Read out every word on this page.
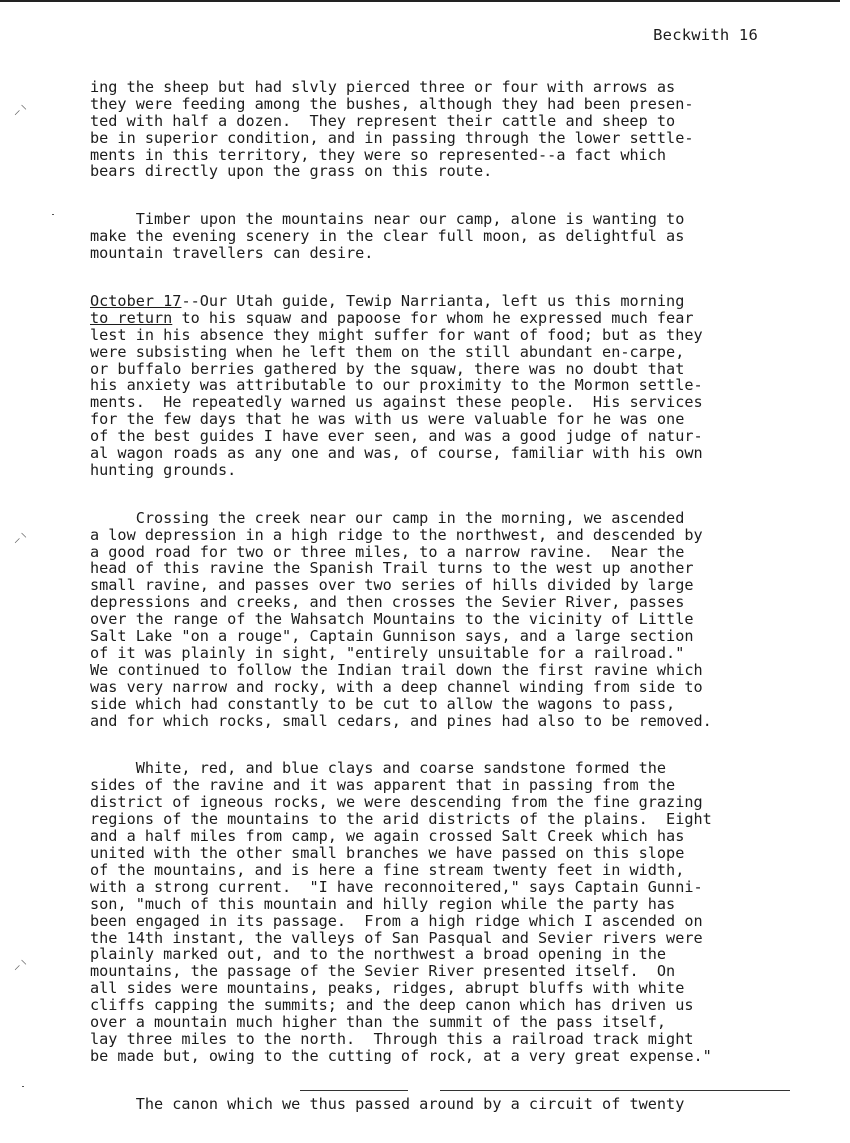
Beckwith 16

ing the sheep but had slvly pierced three or four with arrows as
they were feeding among the bushes, although they had been presen-
ted with half a dozen.  They represent their cattle and sheep to
be in superior condition, and in passing through the lower settle-
ments in this territory, they were so represented--a fact which
bears directly upon the grass on this route.

Timber upon the mountains near our camp, alone is wanting to
make the evening scenery in the clear full moon, as delightful as
mountain travellers can desire.

October 17--Our Utah guide, Tewip Narrianta, left us this morning
to return to his squaw and papoose for whom he expressed much fear
lest in his absence they might suffer for want of food; but as they
were subsisting when he left them on the still abundant en-carpe,
or buffalo berries gathered by the squaw, there was no doubt that
his anxiety was attributable to our proximity to the Mormon settle-
ments.  He repeatedly warned us against these people.  His services
for the few days that he was with us were valuable for he was one
of the best guides I have ever seen, and was a good judge of natur-
al wagon roads as any one and was, of course, familiar with his own
hunting grounds.

Crossing the creek near our camp in the morning, we ascended
a low depression in a high ridge to the northwest, and descended by
a good road for two or three miles, to a narrow ravine.  Near the
head of this ravine the Spanish Trail turns to the west up another
small ravine, and passes over two series of hills divided by large
depressions and creeks, and then crosses the Sevier River, passes
over the range of the Wahsatch Mountains to the vicinity of Little
Salt Lake "on a rouge", Captain Gunnison says, and a large section
of it was plainly in sight, "entirely unsuitable for a railroad."
We continued to follow the Indian trail down the first ravine which
was very narrow and rocky, with a deep channel winding from side to
side which had constantly to be cut to allow the wagons to pass,
and for which rocks, small cedars, and pines had also to be removed.

White, red, and blue clays and coarse sandstone formed the
sides of the ravine and it was apparent that in passing from the
district of igneous rocks, we were descending from the fine grazing
regions of the mountains to the arid districts of the plains.  Eight
and a half miles from camp, we again crossed Salt Creek which has
united with the other small branches we have passed on this slope
of the mountains, and is here a fine stream twenty feet in width,
with a strong current.  "I have reconnoitered," says Captain Gunni-
son, "much of this mountain and hilly region while the party has
been engaged in its passage.  From a high ridge which I ascended on
the 14th instant, the valleys of San Pasqual and Sevier rivers were
plainly marked out, and to the northwest a broad opening in the
mountains, the passage of the Sevier River presented itself.  On
all sides were mountains, peaks, ridges, abrupt bluffs with white
cliffs capping the summits; and the deep canon which has driven us
over a mountain much higher than the summit of the pass itself,
lay three miles to the north.  Through this a railroad track might
be made but, owing to the cutting of rock, at a very great expense."

The canon which we thus passed around by a circuit of twenty

⸝⸌
⸝⸌
⸝⸌
